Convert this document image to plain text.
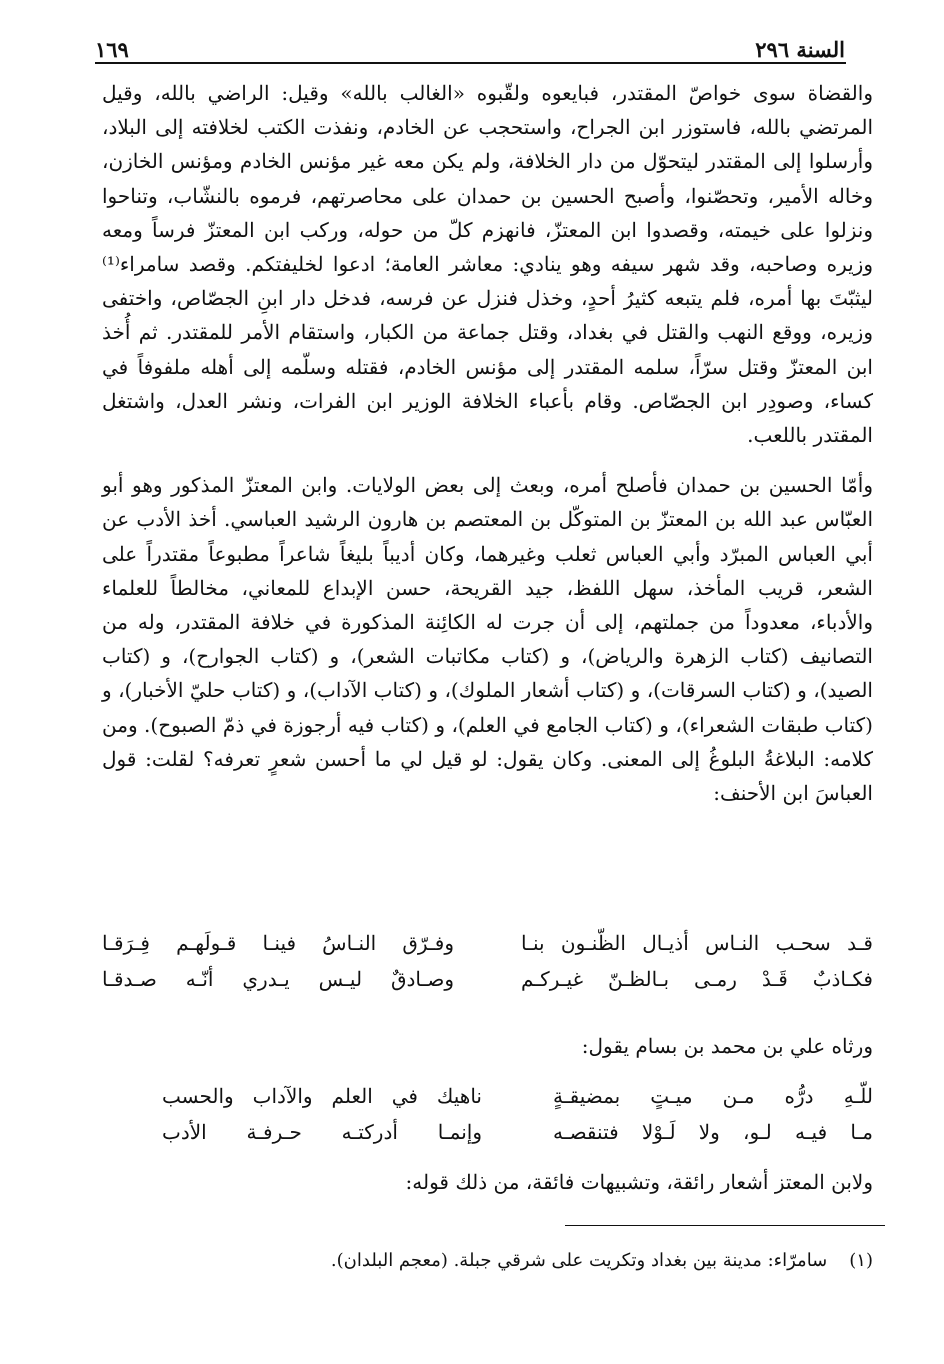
السنة ٢٩٦
١٦٩

والقضاة سوى خواصّ المقتدر، فبايعوه ولقّبوه «الغالب بالله» وقيل: الراضي بالله، وقيل المرتضي بالله، فاستوزر ابن الجراح، واستحجب عن الخادم، ونفذت الكتب لخلافته إلى البلاد، وأرسلوا إلى المقتدر ليتحوّل من دار الخلافة، ولم يكن معه غير مؤنس الخادم ومؤنس الخازن، وخاله الأمير، وتحصّنوا، وأصبح الحسين بن حمدان على محاصرتهم، فرموه بالنشّاب، وتناحوا ونزلوا على خيمته، وقصدوا ابن المعتزّ، فانهزم كلّ من حوله، وركب ابن المعتزّ فرساً ومعه وزيره وصاحبه، وقد شهر سيفه وهو ينادي: معاشر العامة؛ ادعوا لخليفتكم. وقصد سامراء⁽¹⁾ ليثبّتَ بها أمره، فلم يتبعه كثيرُ أحدٍ، وخذل فنزل عن فرسه، فدخل دار ابنِ الجصّاص، واختفى وزيره، ووقع النهب والقتل في بغداد، وقتل جماعة من الكبار، واستقام الأمر للمقتدر. ثم أُخذ ابن المعتزّ وقتل سرّاً، سلمه المقتدر إلى مؤنس الخادم، فقتله وسلّمه إلى أهله ملفوفاً في كساء، وصودِر ابن الجصّاص. وقام بأعباء الخلافة الوزير ابن الفرات، ونشر العدل، واشتغل المقتدر باللعب.

وأمّا الحسين بن حمدان فأصلح أمره، وبعث إلى بعض الولايات. وابن المعتزّ المذكور وهو أبو العبّاس عبد الله بن المعتزّ بن المتوكّل بن المعتصم بن هارون الرشيد العباسي. أخذ الأدب عن أبي العباس المبرّد وأبي العباس ثعلب وغيرهما، وكان أديباً بليغاً شاعراً مطبوعاً مقتدراً على الشعر، قريب المأخذ، سهل اللفظ، جيد القريحة، حسن الإبداع للمعاني، مخالطاً للعلماء والأدباء، معدوداً من جملتهم، إلى أن جرت له الكائِنة المذكورة في خلافة المقتدر، وله من التصانيف (كتاب الزهرة والرياض)، و (كتاب مكاتبات الشعر)، و (كتاب الجوارح)، و (كتاب الصيد)، و (كتاب السرقات)، و (كتاب أشعار الملوك)، و (كتاب الآداب)، و (كتاب حليّ الأخبار)، و (كتاب طبقات الشعراء)، و (كتاب الجامع في العلم)، و (كتاب فيه أرجوزة في ذمّ الصبوح). ومن كلامه: البلاغةُ البلوغُ إلى المعنى. وكان يقول: لو قيل لي ما أحسن شعرٍ تعرفه؟ لقلت: قول العباسَ ابن الأحنف:

قـد سحـب النـاس أذيـال الظّنـون بنـا
وفـرّق النـاسُ فينـا قـولَهـم فِـرَقـا
فكـاذبٌ قَـدْ رمـى بـالظـنّ غيـركـم
وصـادقٌ ليـس يـدري أنّـه صـدقـا
ورثاه علي بن محمد بن بسام يقول:
للّـهِ درُّه مـن ميـتٍ بمضيقـةٍ
ناهيك في العلم والآداب والحسب
مـا فيـه لـو، ولا لَـوْلا فتنقصـه
وإنمـا أدركتـه حـرفـة الأدب
ولابن المعتز أشعار رائقة، وتشبيهات فائقة، من ذلك قوله:
(١)
سامرّاء: مدينة بين بغداد وتكريت على شرقي جبلة. (معجم البلدان).
